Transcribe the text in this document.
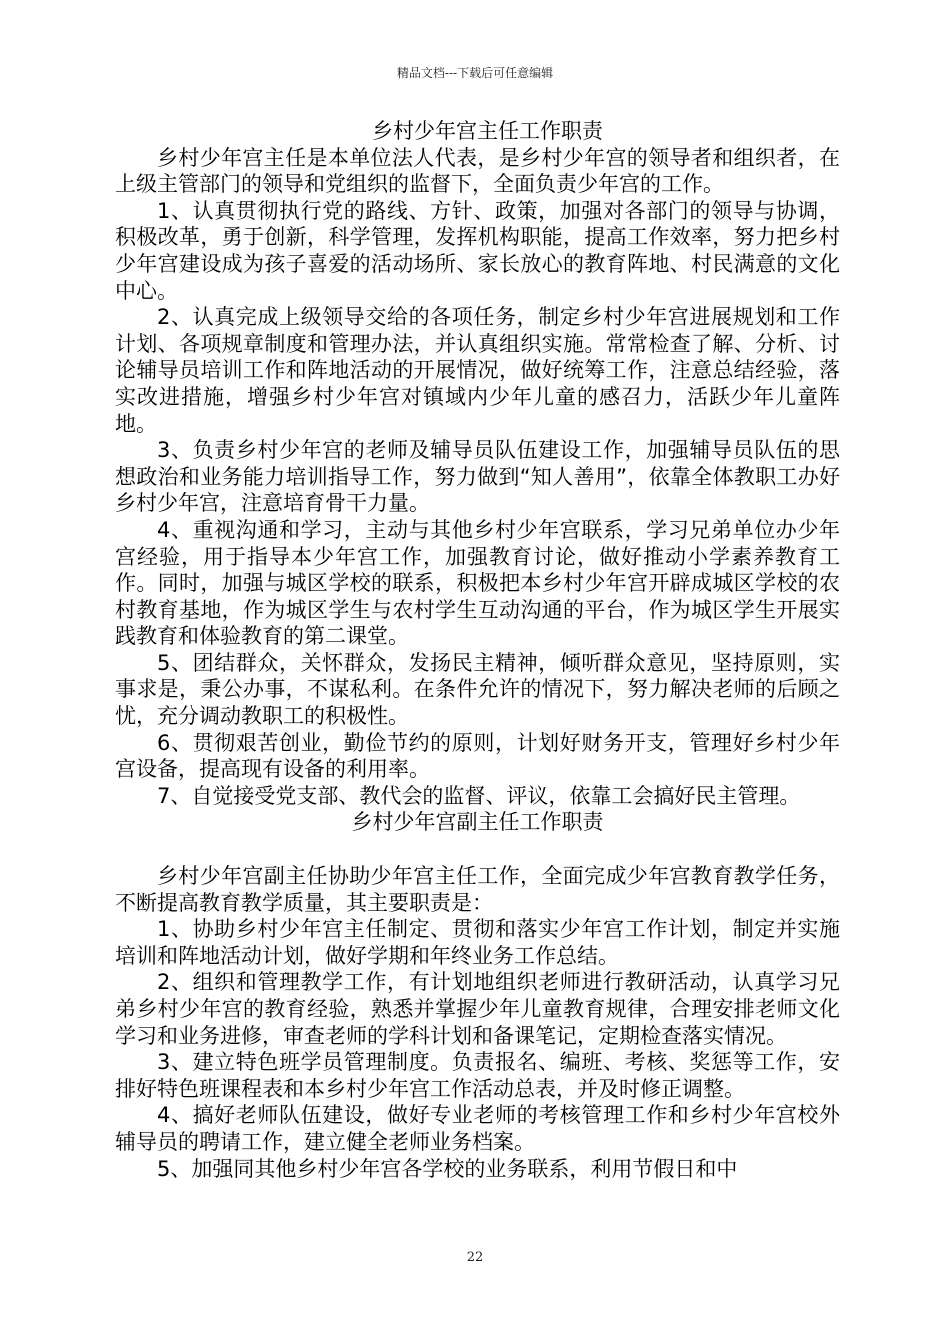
精品文档---下载后可任意编辑
乡村少年宫主任工作职责
乡村少年宫主任是本单位法人代表，是乡村少年宫的领导者和组织者，在上级主管部门的领导和党组织的监督下，全面负责少年宫的工作。
1、认真贯彻执行党的路线、方针、政策，加强对各部门的领导与协调，积极改革，勇于创新，科学管理，发挥机构职能，提高工作效率，努力把乡村少年宫建设成为孩子喜爱的活动场所、家长放心的教育阵地、村民满意的文化中心。
2、认真完成上级领导交给的各项任务，制定乡村少年宫进展规划和工作计划、各项规章制度和管理办法，并认真组织实施。常常检查了解、分析、讨论辅导员培训工作和阵地活动的开展情况，做好统筹工作，注意总结经验，落实改进措施，增强乡村少年宫对镇域内少年儿童的感召力，活跃少年儿童阵地。
3、负责乡村少年宫的老师及辅导员队伍建设工作，加强辅导员队伍的思想政治和业务能力培训指导工作，努力做到“知人善用”，依靠全体教职工办好乡村少年宫，注意培育骨干力量。
4、重视沟通和学习，主动与其他乡村少年宫联系，学习兄弟单位办少年宫经验，用于指导本少年宫工作，加强教育讨论，做好推动小学素养教育工作。同时，加强与城区学校的联系，积极把本乡村少年宫开辟成城区学校的农村教育基地，作为城区学生与农村学生互动沟通的平台，作为城区学生开展实践教育和体验教育的第二课堂。
5、团结群众，关怀群众，发扬民主精神，倾听群众意见，坚持原则，实事求是，秉公办事，不谋私利。在条件允许的情况下，努力解决老师的后顾之忧，充分调动教职工的积极性。
6、贯彻艰苦创业，勤俭节约的原则，计划好财务开支，管理好乡村少年宫设备，提高现有设备的利用率。
7、自觉接受党支部、教代会的监督、评议，依靠工会搞好民主管理。
乡村少年宫副主任工作职责
乡村少年宫副主任协助少年宫主任工作，全面完成少年宫教育教学任务，不断提高教育教学质量，其主要职责是：
1、协助乡村少年宫主任制定、贯彻和落实少年宫工作计划，制定并实施培训和阵地活动计划，做好学期和年终业务工作总结。
2、组织和管理教学工作，有计划地组织老师进行教研活动，认真学习兄弟乡村少年宫的教育经验，熟悉并掌握少年儿童教育规律，合理安排老师文化学习和业务进修，审查老师的学科计划和备课笔记，定期检查落实情况。
3、建立特色班学员管理制度。负责报名、编班、考核、奖惩等工作，安排好特色班课程表和本乡村少年宫工作活动总表，并及时修正调整。
4、搞好老师队伍建设，做好专业老师的考核管理工作和乡村少年宫校外辅导员的聘请工作，建立健全老师业务档案。
5、加强同其他乡村少年宫各学校的业务联系，利用节假日和中
22
